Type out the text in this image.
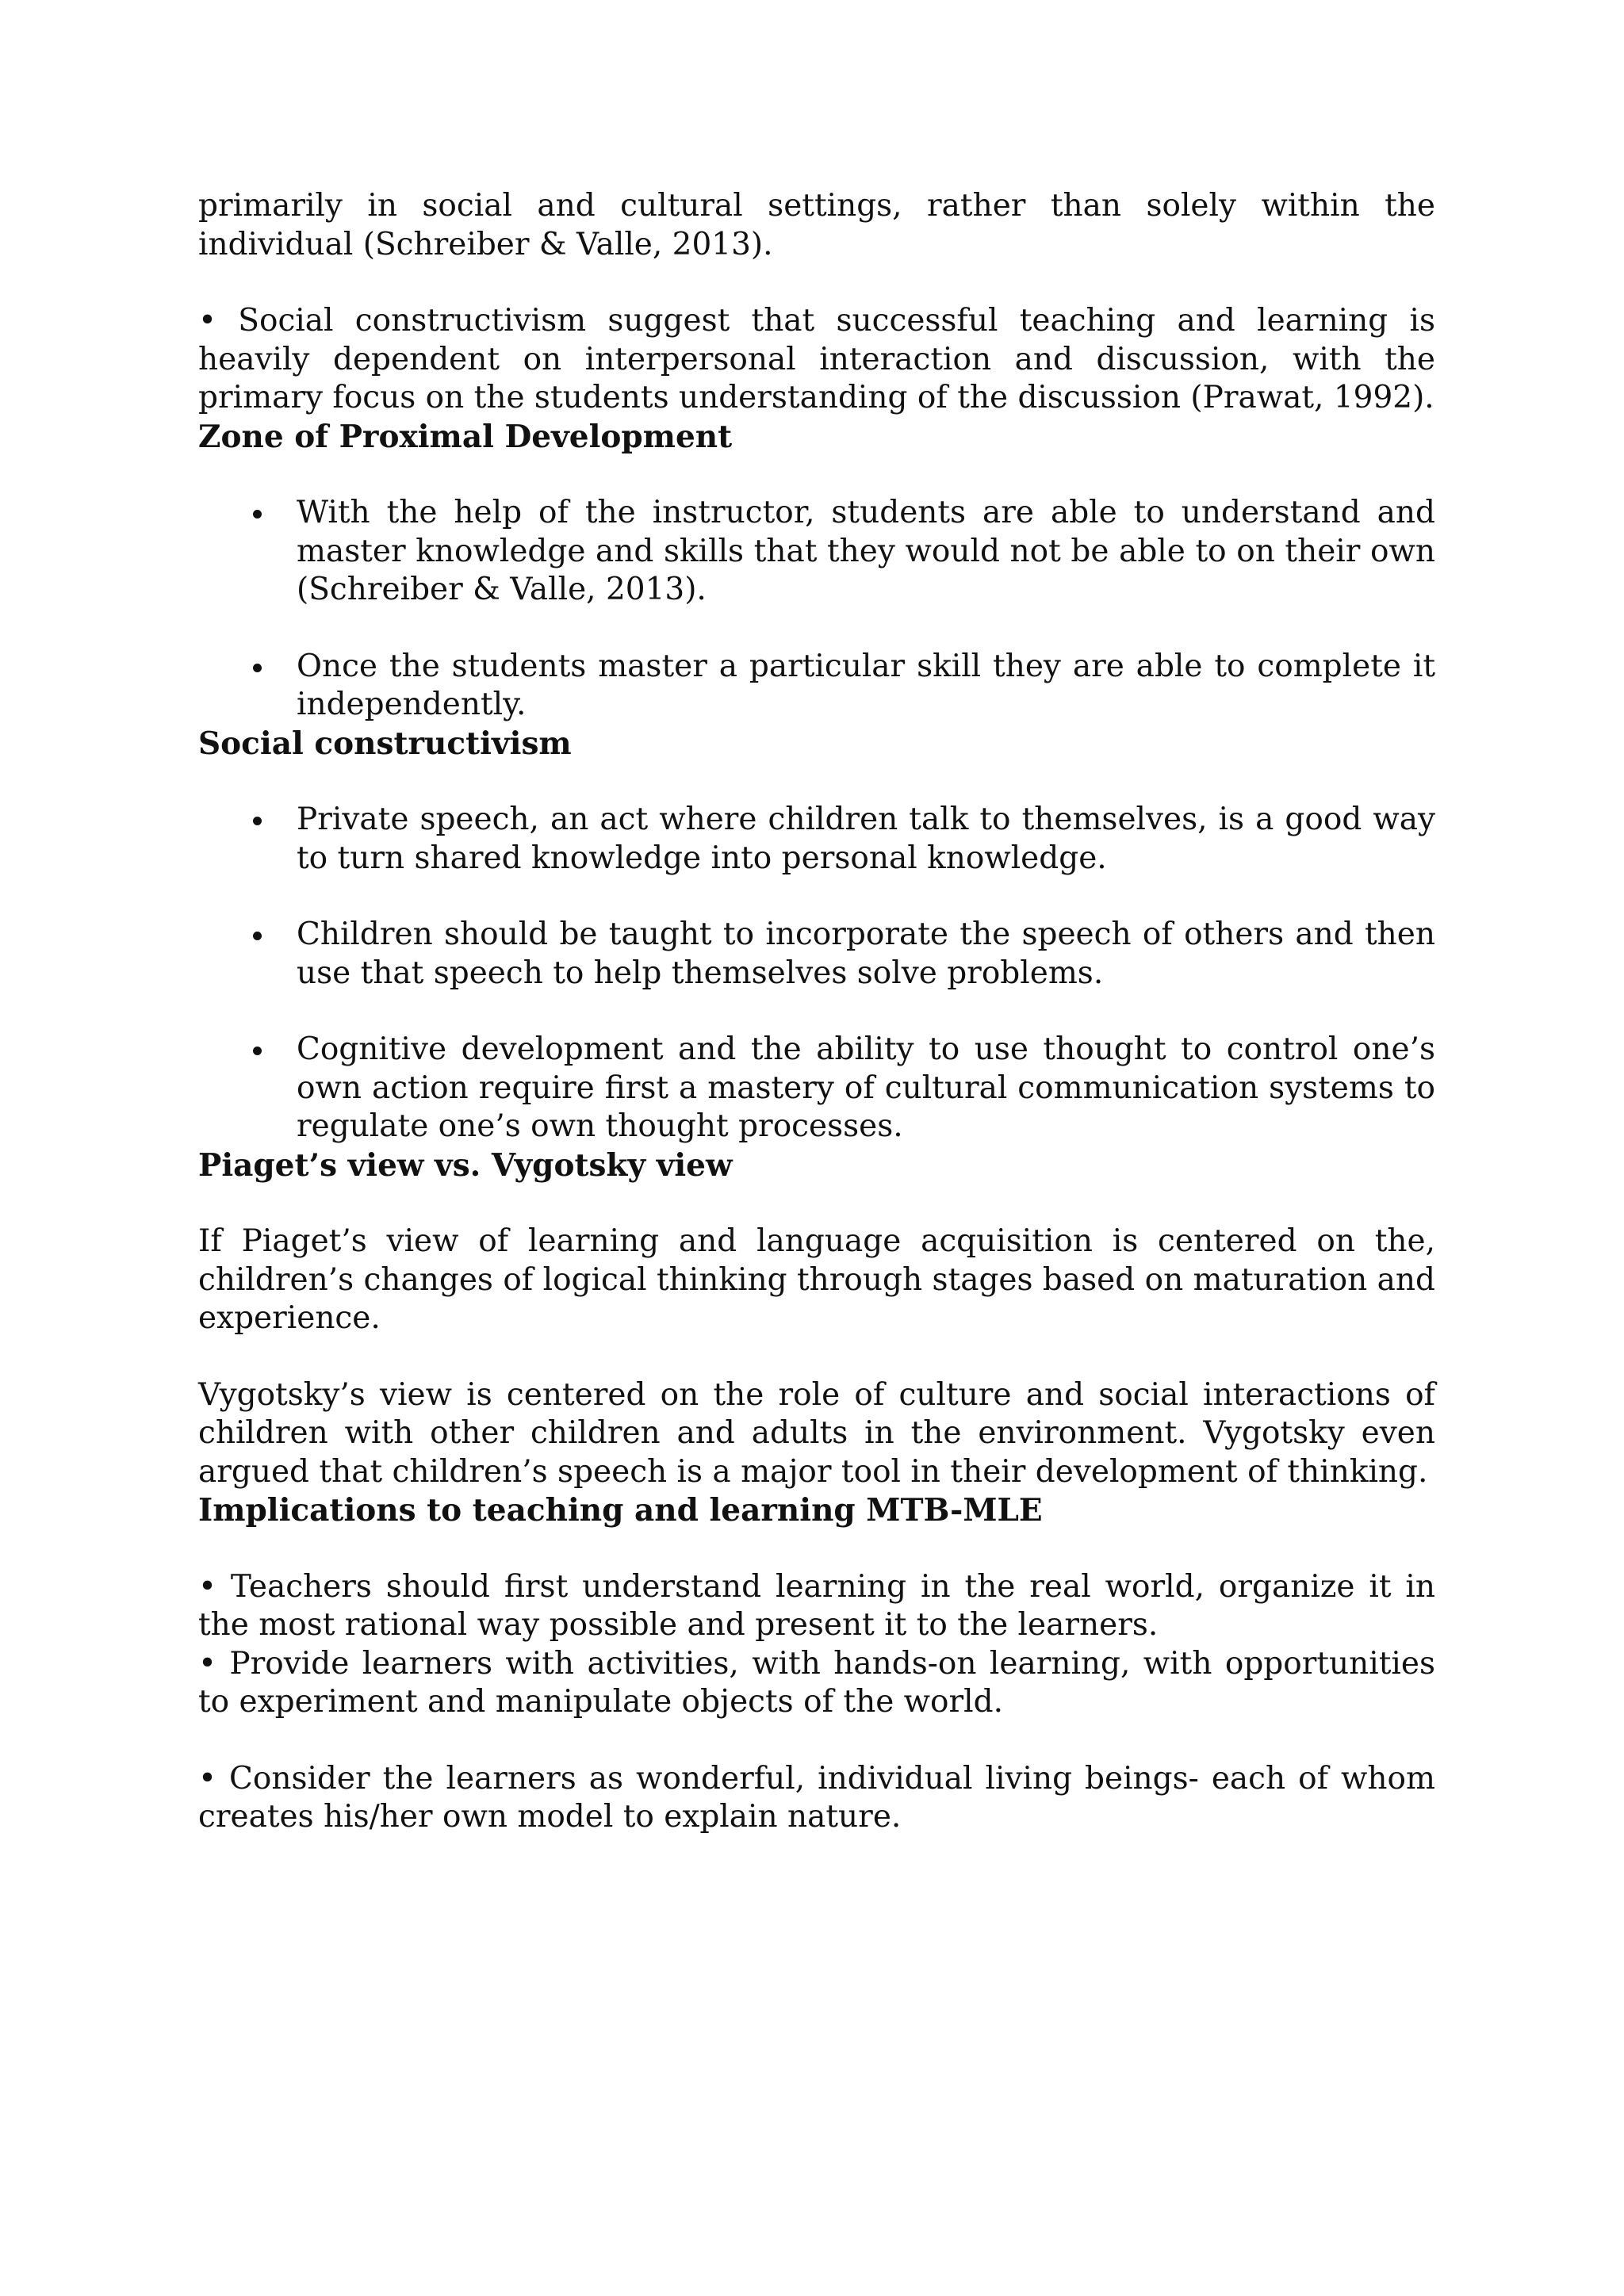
primarily in social and cultural settings, rather than solely within the individual (Schreiber & Valle, 2013).

• Social constructivism suggest that successful teaching and learning is heavily dependent on interpersonal interaction and discussion, with the primary focus on the students understanding of the discussion (Prawat, 1992).

Zone of Proximal Development
With the help of the instructor, students are able to understand and master knowledge and skills that they would not be able to on their own (Schreiber & Valle, 2013).
Once the students master a particular skill they are able to complete it independently.
Social constructivism
Private speech, an act where children talk to themselves, is a good way to turn shared knowledge into personal knowledge.
Children should be taught to incorporate the speech of others and then use that speech to help themselves solve problems.
Cognitive development and the ability to use thought to control one’s own action require first a mastery of cultural communication systems to regulate one’s own thought processes.
Piaget’s view vs. Vygotsky view

If Piaget’s view of learning and language acquisition is centered on the, children’s changes of logical thinking through stages based on maturation and experience.

Vygotsky’s view is centered on the role of culture and social interactions of children with other children and adults in the environment. Vygotsky even argued that children’s speech is a major tool in their development of thinking.

Implications to teaching and learning MTB-MLE

• Teachers should first understand learning in the real world, organize it in the most rational way possible and present it to the learners.

• Provide learners with activities, with hands-on learning, with opportunities to experiment and manipulate objects of the world.

• Consider the learners as wonderful, individual living beings- each of whom creates his/her own model to explain nature.
